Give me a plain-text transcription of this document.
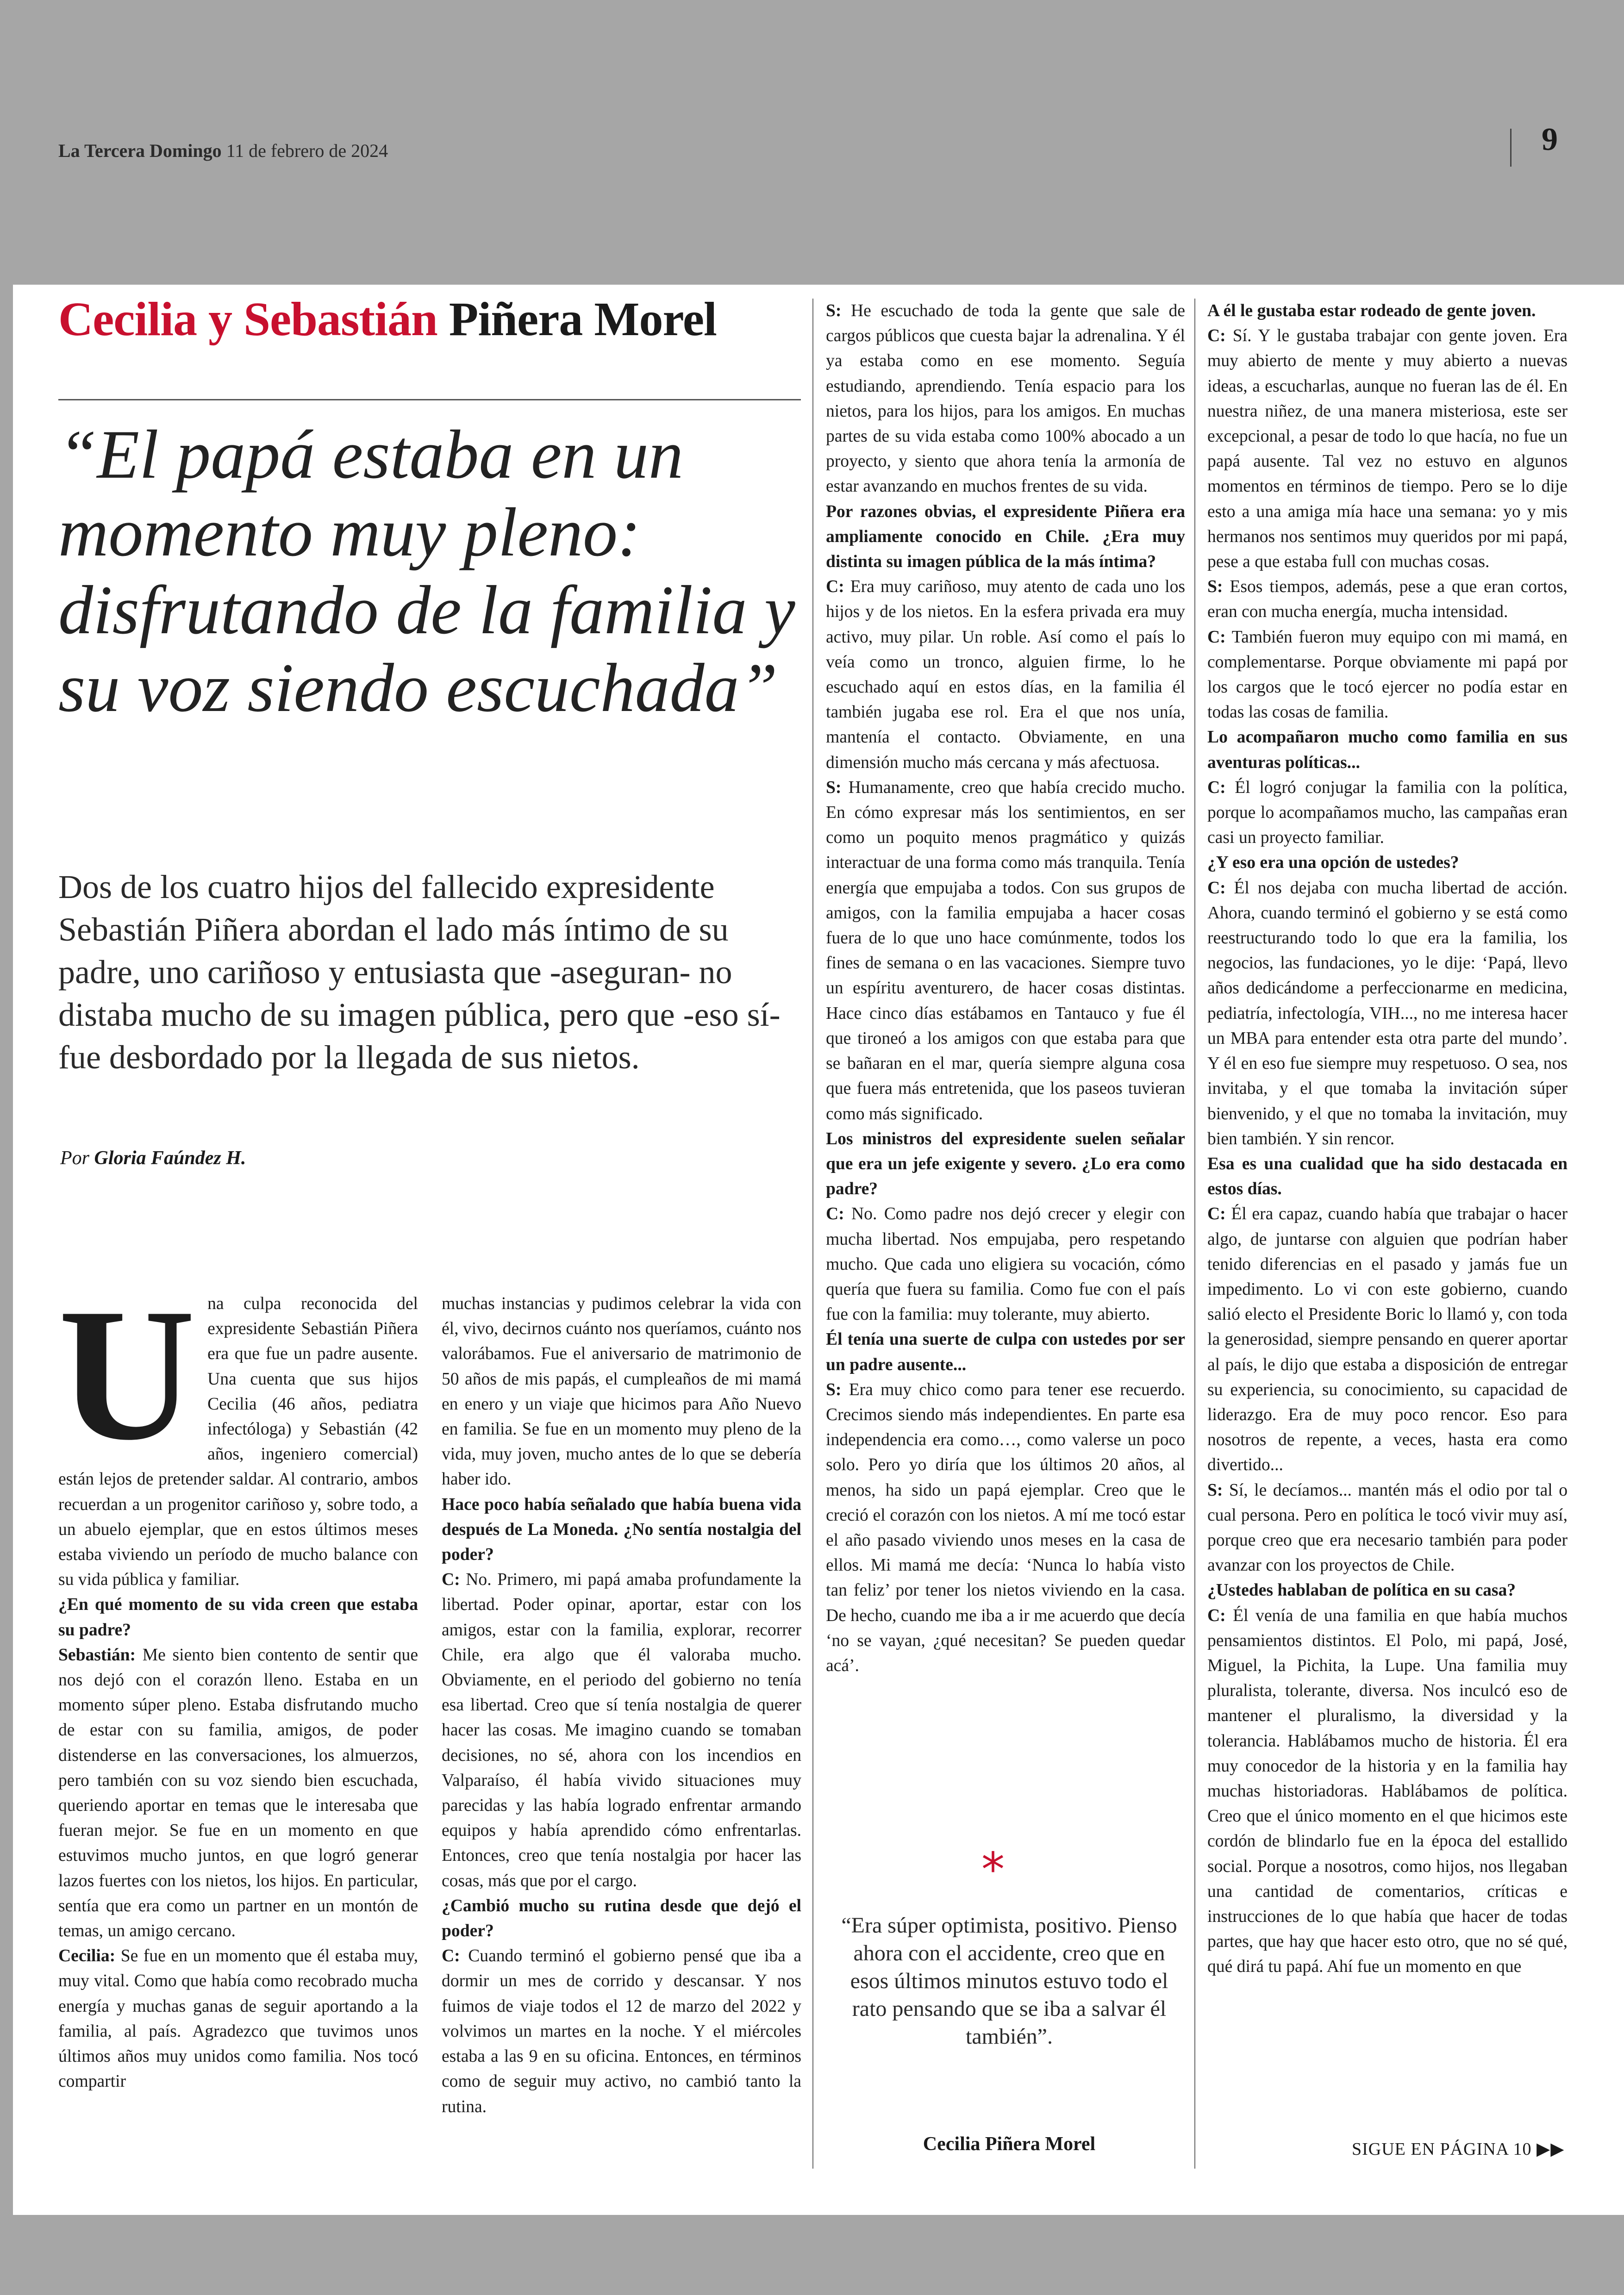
La Tercera Domingo 11 de febrero de 2024	9
Cecilia y Sebastián Piñera Morel
“El papá estaba en un momento muy pleno: disfrutando de la familia y su voz siendo escuchada”

Dos de los cuatro hijos del fallecido expresidente Sebastián Piñera abordan el lado más íntimo de su padre, uno cariñoso y entusiasta que -aseguran- no distaba mucho de su imagen pública, pero que -eso sí- fue desbordado por la llegada de sus nietos.

Por Gloria Faúndez H.
U na culpa reconocida del expresidente Sebastián Piñera era que fue un padre ausente. Una cuenta que sus hijos Cecilia (46 años, pediatra infectóloga) y Sebastián (42 años, ingeniero comercial) están lejos de pretender saldar. Al contrario, ambos recuerdan a un progenitor cariñoso y, sobre todo, a un abuelo ejemplar, que en estos últimos meses estaba viviendo un período de mucho balance con su vida pública y familiar.

¿En qué momento de su vida creen que estaba su padre?

Sebastián: Me siento bien contento de sentir que nos dejó con el corazón lleno. Estaba en un momento súper pleno. Estaba disfrutando mucho de estar con su familia, amigos, de poder distenderse en las conversaciones, los almuerzos, pero también con su voz siendo bien escuchada, queriendo aportar en temas que le interesaba que fueran mejor. Se fue en un momento en que estuvimos mucho juntos, en que logró generar lazos fuertes con los nietos, los hijos. En particular, sentía que era como un partner en un montón de temas, un amigo cercano.

Cecilia: Se fue en un momento que él estaba muy, muy vital. Como que había como recobrado mucha energía y muchas ganas de seguir aportando a la familia, al país. Agradezco que tuvimos unos últimos años muy unidos como familia. Nos tocó compartir

muchas instancias y pudimos celebrar la vida con él, vivo, decirnos cuánto nos queríamos, cuánto nos valorábamos. Fue el aniversario de matrimonio de 50 años de mis papás, el cumpleaños de mi mamá en enero y un viaje que hicimos para Año Nuevo en familia. Se fue en un momento muy pleno de la vida, muy joven, mucho antes de lo que se debería haber ido.

Hace poco había señalado que había buena vida después de La Moneda. ¿No sentía nostalgia del poder?

C: No. Primero, mi papá amaba profundamente la libertad. Poder opinar, aportar, estar con los amigos, estar con la familia, explorar, recorrer Chile, era algo que él valoraba mucho. Obviamente, en el periodo del gobierno no tenía esa libertad. Creo que sí tenía nostalgia de querer hacer las cosas. Me imagino cuando se tomaban decisiones, no sé, ahora con los incendios en Valparaíso, él había vivido situaciones muy parecidas y las había logrado enfrentar armando equipos y había aprendido cómo enfrentarlas. Entonces, creo que tenía nostalgia por hacer las cosas, más que por el cargo.

¿Cambió mucho su rutina desde que dejó el poder?

C: Cuando terminó el gobierno pensé que iba a dormir un mes de corrido y descansar. Y nos fuimos de viaje todos el 12 de marzo del 2022 y volvimos un martes en la noche. Y el miércoles estaba a las 9 en su oficina. Entonces, en términos como de seguir muy activo, no cambió tanto la rutina.

S: He escuchado de toda la gente que sale de cargos públicos que cuesta bajar la adrenalina. Y él ya estaba como en ese momento. Seguía estudiando, aprendiendo. Tenía espacio para los nietos, para los hijos, para los amigos. En muchas partes de su vida estaba como 100% abocado a un proyecto, y siento que ahora tenía la armonía de estar avanzando en muchos frentes de su vida.

Por razones obvias, el expresidente Piñera era ampliamente conocido en Chile. ¿Era muy distinta su imagen pública de la más íntima?

C: Era muy cariñoso, muy atento de cada uno los hijos y de los nietos. En la esfera privada era muy activo, muy pilar. Un roble. Así como el país lo veía como un tronco, alguien firme, lo he escuchado aquí en estos días, en la familia él también jugaba ese rol. Era el que nos unía, mantenía el contacto. Obviamente, en una dimensión mucho más cercana y más afectuosa.

S: Humanamente, creo que había crecido mucho. En cómo expresar más los sentimientos, en ser como un poquito menos pragmático y quizás interactuar de una forma como más tranquila. Tenía energía que empujaba a todos. Con sus grupos de amigos, con la familia empujaba a hacer cosas fuera de lo que uno hace comúnmente, todos los fines de semana o en las vacaciones. Siempre tuvo un espíritu aventurero, de hacer cosas distintas. Hace cinco días estábamos en Tantauco y fue él que tironeó a los amigos con que estaba para que se bañaran en el mar, quería siempre alguna cosa que fuera más entretenida, que los paseos tuvieran como más significado.

Los ministros del expresidente suelen señalar que era un jefe exigente y severo. ¿Lo era como padre?

C: No. Como padre nos dejó crecer y elegir con mucha libertad. Nos empujaba, pero respetando mucho. Que cada uno eligiera su vocación, cómo quería que fuera su familia. Como fue con el país fue con la familia: muy tolerante, muy abierto.

Él tenía una suerte de culpa con ustedes por ser un padre ausente...

S: Era muy chico como para tener ese recuerdo. Crecimos siendo más independientes. En parte esa independencia era como…, como valerse un poco solo. Pero yo diría que los últimos 20 años, al menos, ha sido un papá ejemplar. Creo que le creció el corazón con los nietos. A mí me tocó estar el año pasado viviendo unos meses en la casa de ellos. Mi mamá me decía: ‘Nunca lo había visto tan feliz’ por tener los nietos viviendo en la casa. De hecho, cuando me iba a ir me acuerdo que decía ‘no se vayan, ¿qué necesitan? Se pueden quedar acá’.

A él le gustaba estar rodeado de gente joven.

C: Sí. Y le gustaba trabajar con gente joven. Era muy abierto de mente y muy abierto a nuevas ideas, a escucharlas, aunque no fueran las de él. En nuestra niñez, de una manera misteriosa, este ser excepcional, a pesar de todo lo que hacía, no fue un papá ausente. Tal vez no estuvo en algunos momentos en términos de tiempo. Pero se lo dije esto a una amiga mía hace una semana: yo y mis hermanos nos sentimos muy queridos por mi papá, pese a que estaba full con muchas cosas.

S: Esos tiempos, además, pese a que eran cortos, eran con mucha energía, mucha intensidad.

C: También fueron muy equipo con mi mamá, en complementarse. Porque obviamente mi papá por los cargos que le tocó ejercer no podía estar en todas las cosas de familia.

Lo acompañaron mucho como familia en sus aventuras políticas...

C: Él logró conjugar la familia con la política, porque lo acompañamos mucho, las campañas eran casi un proyecto familiar.

¿Y eso era una opción de ustedes?

C: Él nos dejaba con mucha libertad de acción. Ahora, cuando terminó el gobierno y se está como reestructurando todo lo que era la familia, los negocios, las fundaciones, yo le dije: ‘Papá, llevo años dedicándome a perfeccionarme en medicina, pediatría, infectología, VIH..., no me interesa hacer un MBA para entender esta otra parte del mundo’. Y él en eso fue siempre muy respetuoso. O sea, nos invitaba, y el que tomaba la invitación súper bienvenido, y el que no tomaba la invitación, muy bien también. Y sin rencor.

Esa es una cualidad que ha sido destacada en estos días.

C: Él era capaz, cuando había que trabajar o hacer algo, de juntarse con alguien que podrían haber tenido diferencias en el pasado y jamás fue un impedimento. Lo vi con este gobierno, cuando salió electo el Presidente Boric lo llamó y, con toda la generosidad, siempre pensando en querer aportar al país, le dijo que estaba a disposición de entregar su experiencia, su conocimiento, su capacidad de liderazgo. Era de muy poco rencor. Eso para nosotros de repente, a veces, hasta era como divertido...

S: Sí, le decíamos... mantén más el odio por tal o cual persona. Pero en política le tocó vivir muy así, porque creo que era necesario también para poder avanzar con los proyectos de Chile.

¿Ustedes hablaban de política en su casa?

C: Él venía de una familia en que había muchos pensamientos distintos. El Polo, mi papá, José, Miguel, la Pichita, la Lupe. Una familia muy pluralista, tolerante, diversa. Nos inculcó eso de mantener el pluralismo, la diversidad y la tolerancia. Hablábamos mucho de historia. Él era muy conocedor de la historia y en la familia hay muchas historiadoras. Hablábamos de política. Creo que el único momento en el que hicimos este cordón de blindarlo fue en la época del estallido social. Porque a nosotros, como hijos, nos llegaban una cantidad de comentarios, críticas e instrucciones de lo que había que hacer de todas partes, que hay que hacer esto otro, que no sé qué, qué dirá tu papá. Ahí fue un momento en que

*
“Era súper optimista, positivo. Pienso ahora con el accidente, creo que en esos últimos minutos estuvo todo el rato pensando que se iba a salvar él también”.
Cecilia Piñera Morel	SIGUE EN PÁGINA 10 ▶▶
